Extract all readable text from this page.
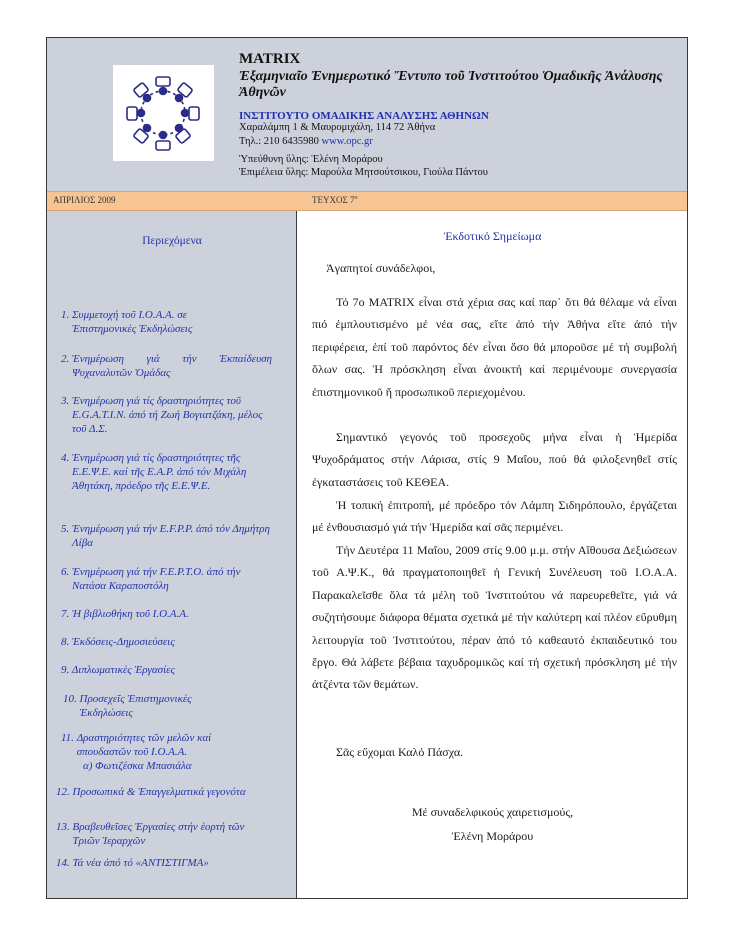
MATRIX
Ἐξαμηνιαῖο Ἐνημερωτικό Ἔντυπο τοῦ Ἰνστιτούτου Ὁμαδικῆς Ἀνάλυσης Ἀθηνῶν
ΙΝΣΤΙΤΟΥΤΟ ΟΜΑΔΙΚΗΣ ΑΝΑΛΥΣΗΣ ΑΘΗΝΩΝ
Χαραλάμπη 1 & Μαυρομιχάλη, 114 72 Ἀθήνα
Τηλ.: 210 6435980 www.opc.gr
Ὑπεύθυνη ὕλης: Ἑλένη Μοράρου
Ἐπιμέλεια ὕλης: Μαρούλα Μητσούτσικου, Γιούλα Πάντου
ΑΠΡΙΛΙΟΣ 2009	ΤΕΥΧΟΣ $7^o$
Περιεχόμενα
1. Συμμετοχή τοῦ Ι.Ο.Α.Α. σε Ἐπιστημονικὲς Ἐκδηλώσεις
2. Ἐνημέρωση γιά τήν Ἐκπαίδευση Ψυχαναλυτῶν Ὁμάδας
3. Ἐνημέρωση γιά τίς δραστηριότητες τοῦ E.G.A.T.I.N. ἀπό τή Ζωή Βογιατζάκη, μέλος τοῦ Δ.Σ.
4. Ἐνημέρωση γιά τίς δραστηριότητες τῆς Ε.Ε.Ψ.Ε. καί τῆς Ε.Α.Ρ. ἀπό τόν Μιχάλη Ἀθητάκη, πρόεδρο τῆς Ε.Ε.Ψ.Ε.
5. Ἐνημέρωση γιά τήν E.F.P.P. ἀπό τόν Δημήτρη Λίβα
6. Ἐνημέρωση γιά τήν F.E.P.T.O. ἀπό τήν Νατάσα Καραποστόλη
7. Ἡ βιβλιοθήκη τοῦ Ι.Ο.Α.Α.
8. Ἐκδόσεις-Δημοσιεύσεις
9. Διπλωματικὲς Ἐργασίες
10. Προσεχεῖς Ἐπιστημονικὲς Ἐκδηλώσεις
11. Δραστηριότητες τῶν μελῶν καί σπουδαστῶν τοῦ Ι.Ο.Α.Α.
α) Φωτιζέσκα Μπασιάλα
12. Προσωπικά & Ἐπαγγελματικά γεγονότα
13. Βραβευθεῖσες Ἐργασίες στήν ἑορτή τῶν Τριῶν Ἱεραρχῶν
14. Τά νέα ἀπό τό «ΑΝΤΙΣΤΙΓΜΑ»
Ἐκδοτικό Σημείωμα
Ἀγαπητοί συνάδελφοι,

Τό 7ο MATRIX εἶναι στά χέρια σας καί παρ᾽ ὅτι θά θέλαμε νά εἶναι πιό ἐμπλουτισμένο μέ νέα σας, εἴτε ἀπό τήν Ἀθήνα εἴτε ἀπό τήν περιφέρεια, ἐπί τοῦ παρόντος δέν εἶναι ὅσο θά μποροῦσε μέ τή συμβολή ὅλων σας. Ἡ πρόσκληση εἶναι ἀνοικτή καί περιμένουμε συνεργασία ἐπιστημονικοῦ ἤ προσωπικοῦ περιεχομένου.

Σημαντικό γεγονός τοῦ προσεχοῦς μήνα εἶναι ἡ Ἡμερίδα Ψυχοδράματος στήν Λάρισα, στίς 9 Μαΐου, πού θά φιλοξενηθεῖ στίς ἐγκαταστάσεις τοῦ ΚΕΘΕΑ.

Ἡ τοπική ἐπιτροπή, μέ πρόεδρο τόν Λάμπη Σιδηρόπουλο, ἐργάζεται μέ ἐνθουσιασμό γιά τήν Ἡμερίδα καί σᾶς περιμένει.

Τήν Δευτέρα 11 Μαΐου, 2009 στίς 9.00 μ.μ. στήν Αἴθουσα Δεξιώσεων τοῦ Α.Ψ.Κ., θά πραγματοποιηθεῖ ἡ Γενική Συνέλευση τοῦ Ι.Ο.Α.Α. Παρακαλεῖσθε ὅλα τά μέλη τοῦ Ἰνστιτούτου νά παρευρεθεῖτε, γιά νά συζητήσουμε διάφορα θέματα σχετικά μέ τήν καλύτερη καί πλέον εὔρυθμη λειτουργία τοῦ Ἰνστιτούτου, πέραν ἀπό τό καθεαυτό ἐκπαιδευτικό του ἔργο. Θά λάβετε βέβαια ταχυδρομικῶς καί τή σχετική πρόσκληση μέ τήν ἀτζέντα τῶν θεμάτων.

Σᾶς εὔχομαι Καλό Πάσχα.

Μέ συναδελφικούς χαιρετισμούς,
Ἑλένη Μοράρου
